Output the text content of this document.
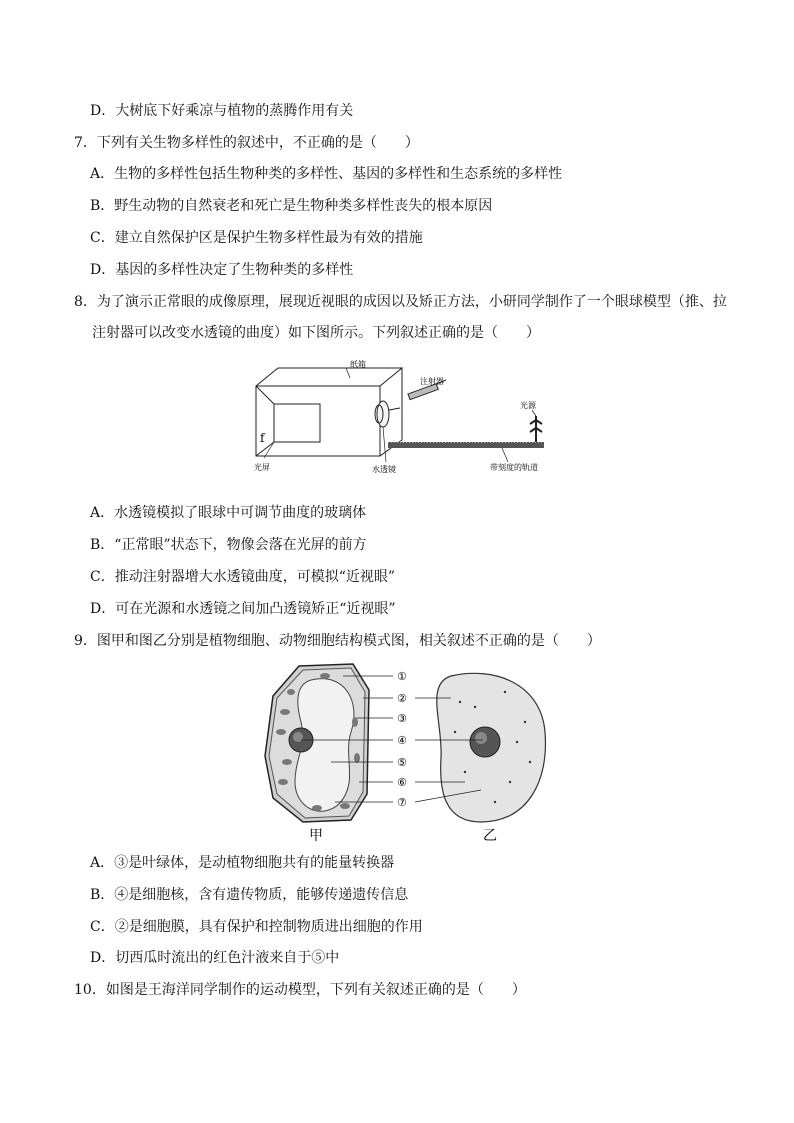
D．大树底下好乘凉与植物的蒸腾作用有关
7．下列有关生物多样性的叙述中，不正确的是（　　）
A．生物的多样性包括生物种类的多样性、基因的多样性和生态系统的多样性
B．野生动物的自然衰老和死亡是生物种类多样性丧失的根本原因
C．建立自然保护区是保护生物多样性最为有效的措施
D．基因的多样性决定了生物种类的多样性
8．为了演示正常眼的成像原理，展现近视眼的成因以及矫正方法，小研同学制作了一个眼球模型（推、拉
注射器可以改变水透镜的曲度）如下图所示。下列叙述正确的是（　　）
f
纸箱
注射器
光源
光屏	水透镜	带刻度的轨道
A．水透镜模拟了眼球中可调节曲度的玻璃体
B．“正常眼”状态下，物像会落在光屏的前方
C．推动注射器增大水透镜曲度，可模拟“近视眼”
D．可在光源和水透镜之间加凸透镜矫正“近视眼”
9．图甲和图乙分别是植物细胞、动物细胞结构模式图，相关叙述不正确的是（　　）
①
②
③
④
⑤
⑥
⑦
甲	乙
A．③是叶绿体，是动植物细胞共有的能量转换器
B．④是细胞核，含有遗传物质，能够传递遗传信息
C．②是细胞膜，具有保护和控制物质进出细胞的作用
D．切西瓜时流出的红色汁液来自于⑤中
10．如图是王海洋同学制作的运动模型，下列有关叙述正确的是（　　）
